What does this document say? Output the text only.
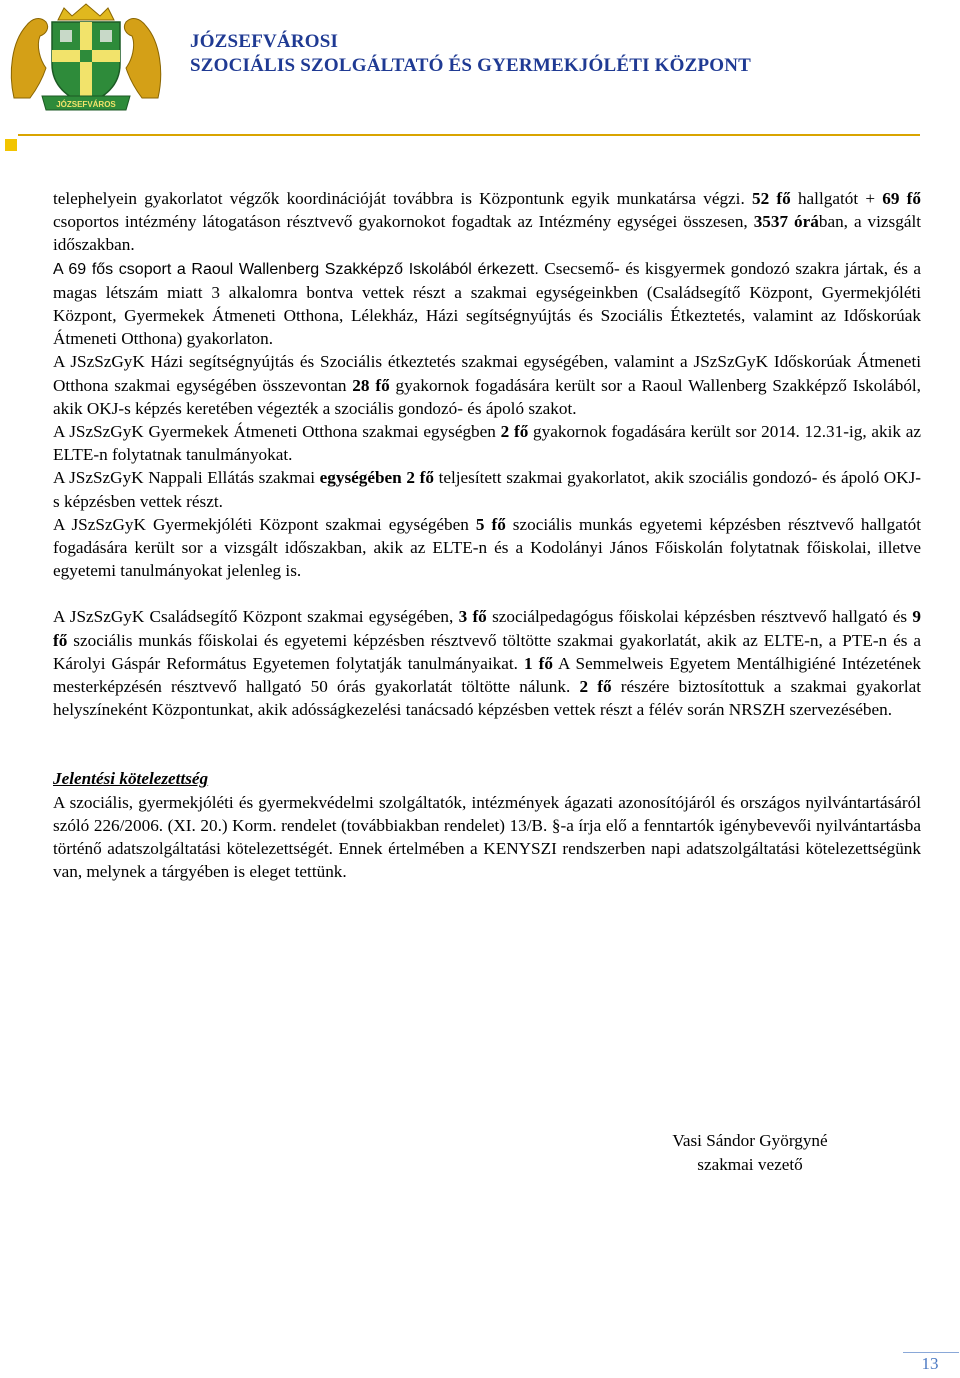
JÓZSEFVÁROS
JÓZSEFVÁROSI
SZOCIÁLIS SZOLGÁLTATÓ ÉS GYERMEKJÓLÉTI KÖZPONT

telephelyein gyakorlatot végzők koordinációját továbbra is Központunk egyik munkatársa végzi. 52 fő hallgatót + 69 fő csoportos intézmény látogatáson résztvevő gyakornokot fogadtak az Intézmény egységei összesen, 3537 órában, a vizsgált időszakban.

A 69 fős csoport a Raoul Wallenberg Szakképző Iskolából érkezett. Csecsemő- és kisgyermek gondozó szakra jártak, és a magas létszám miatt 3 alkalomra bontva vettek részt a szakmai egységeinkben (Családsegítő Központ, Gyermekjóléti Központ, Gyermekek Átmeneti Otthona, Lélekház, Házi segítségnyújtás és Szociális Étkeztetés, valamint az Időskorúak Átmeneti Otthona) gyakorlaton.

A JSzSzGyK Házi segítségnyújtás és Szociális étkeztetés szakmai egységében, valamint a JSzSzGyK Időskorúak Átmeneti Otthona szakmai egységében összevontan 28 fő gyakornok fogadására került sor a Raoul Wallenberg Szakképző Iskolából, akik OKJ-s képzés keretében végezték a szociális gondozó- és ápoló szakot.

A JSzSzGyK Gyermekek Átmeneti Otthona szakmai egységben 2 fő gyakornok fogadására került sor 2014. 12.31-ig, akik az ELTE-n folytatnak tanulmányokat.

A JSzSzGyK Nappali Ellátás szakmai egységében 2 fő teljesített szakmai gyakorlatot, akik szociális gondozó- és ápoló OKJ-s képzésben vettek részt.

A JSzSzGyK Gyermekjóléti Központ szakmai egységében 5 fő szociális munkás egyetemi képzésben résztvevő hallgatót fogadására került sor a vizsgált időszakban, akik az ELTE-n és a Kodolányi János Főiskolán folytatnak főiskolai, illetve egyetemi tanulmányokat jelenleg is.

A JSzSzGyK Családsegítő Központ szakmai egységében, 3 fő szociálpedagógus főiskolai képzésben résztvevő hallgató és 9 fő szociális munkás főiskolai és egyetemi képzésben résztvevő töltötte szakmai gyakorlatát, akik az ELTE-n, a PTE-n és a Károlyi Gáspár Református Egyetemen folytatják tanulmányaikat. 1 fő A Semmelweis Egyetem Mentálhigiéné Intézetének mesterképzésén résztvevő hallgató 50 órás gyakorlatát töltötte nálunk. 2 fő részére biztosítottuk a szakmai gyakorlat helyszíneként Központunkat, akik adósságkezelési tanácsadó képzésben vettek részt a félév során NRSZH szervezésében.

Jelentési kötelezettség

A szociális, gyermekjóléti és gyermekvédelmi szolgáltatók, intézmények ágazati azonosítójáról és országos nyilvántartásáról szóló 226/2006. (XI. 20.) Korm. rendelet (továbbiakban rendelet) 13/B. §-a írja elő a fenntartók igénybevevői nyilvántartásba történő adatszolgáltatási kötelezettségét. Ennek értelmében a KENYSZI rendszerben napi adatszolgáltatási kötelezettségünk van, melynek a tárgyében is eleget tettünk.

Vasi Sándor Györgyné
szakmai vezető
13
